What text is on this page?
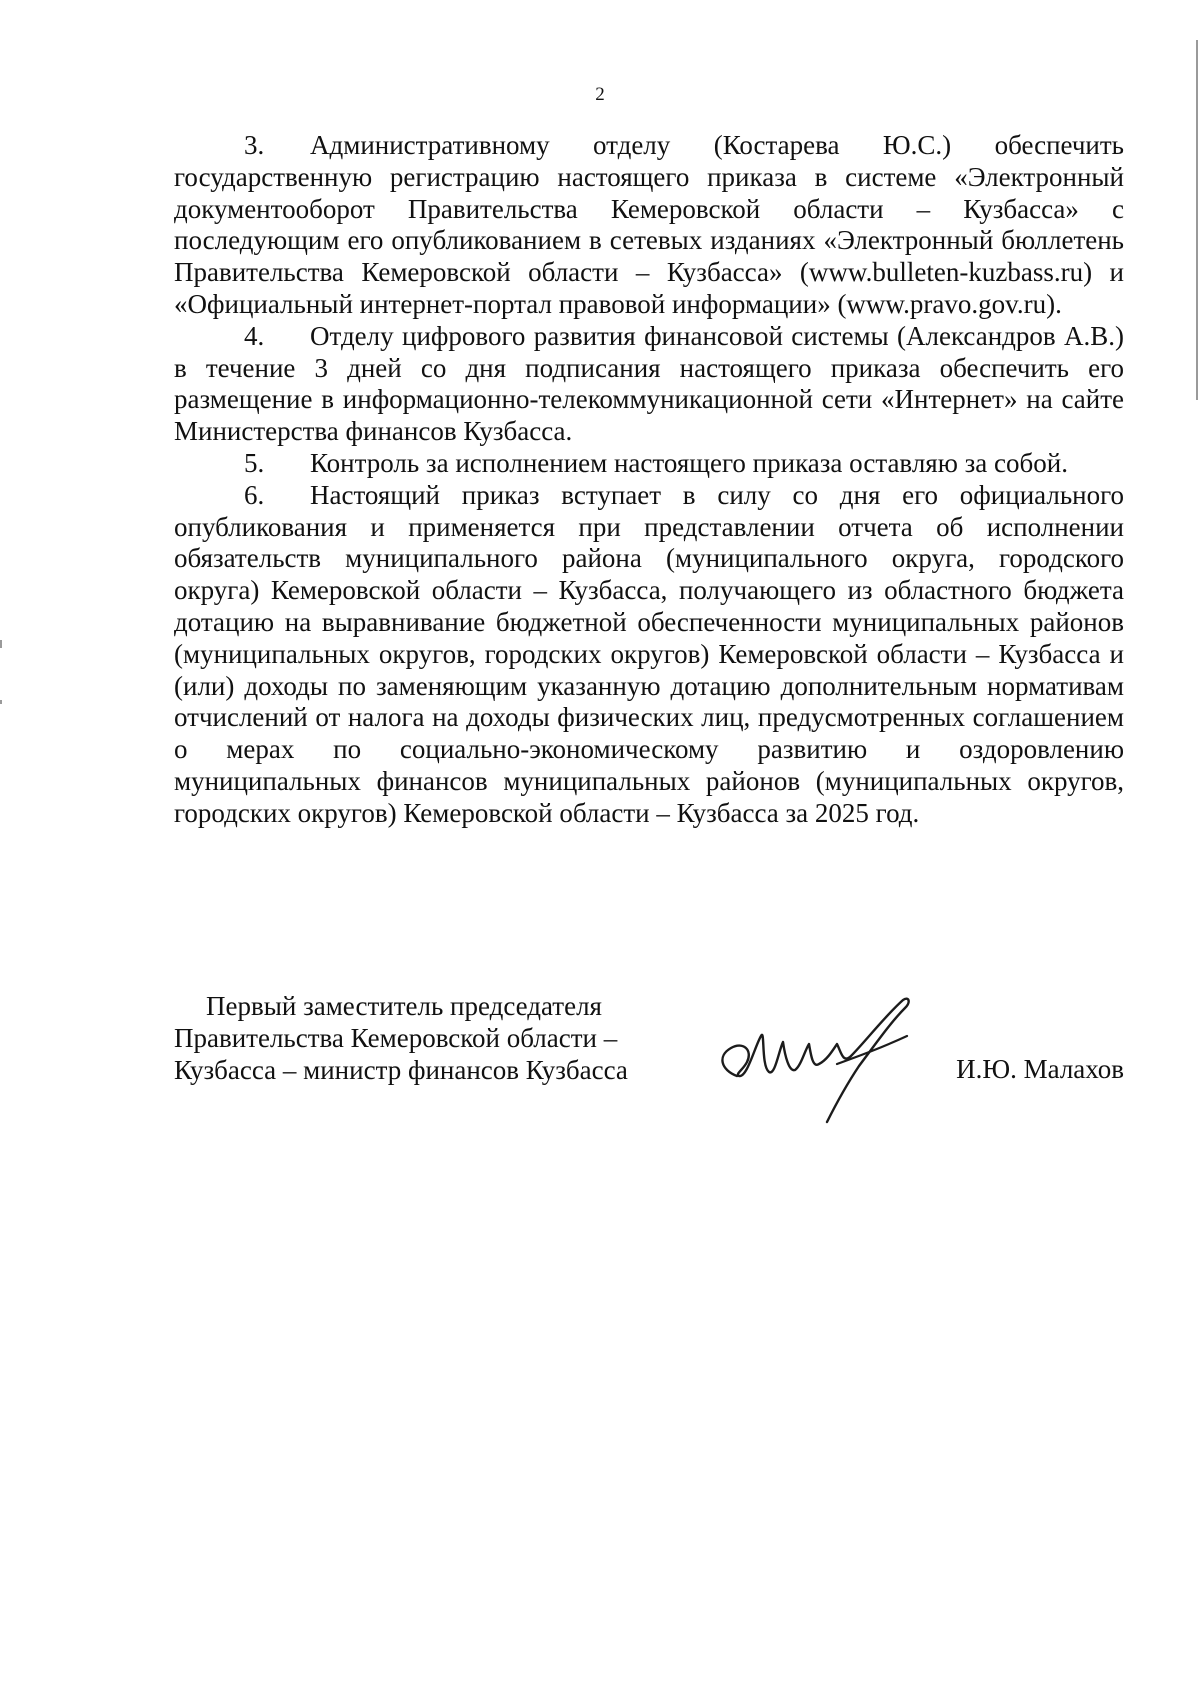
2

3. Административному отделу (Костарева Ю.С.) обеспечить государственную регистрацию настоящего приказа в системе «Электронный документооборот Правительства Кемеровской области – Кузбасса» с последующим его опубликованием в сетевых изданиях «Электронный бюллетень Правительства Кемеровской области – Кузбасса» (www.bulleten-kuzbass.ru) и «Официальный интернет-портал правовой информации» (www.pravo.gov.ru).

4. Отделу цифрового развития финансовой системы (Александров А.В.) в течение 3 дней со дня подписания настоящего приказа обеспечить его размещение в информационно-телекоммуникационной сети «Интернет» на сайте Министерства финансов Кузбасса.

5. Контроль за исполнением настоящего приказа оставляю за собой.

6. Настоящий приказ вступает в силу со дня его официального опубликования и применяется при представлении отчета об исполнении обязательств муниципального района (муниципального округа, городского округа) Кемеровской области – Кузбасса, получающего из областного бюджета дотацию на выравнивание бюджетной обеспеченности муниципальных районов (муниципальных округов, городских округов) Кемеровской области – Кузбасса и (или) доходы по заменяющим указанную дотацию дополнительным нормативам отчислений от налога на доходы физических лиц, предусмотренных соглашением о мерах по социально-экономическому развитию и оздоровлению муниципальных финансов муниципальных районов (муниципальных округов, городских округов) Кемеровской области – Кузбасса за 2025 год.

Первый заместитель председателя
Правительства Кемеровской области –
Кузбасса – министр финансов Кузбасса	И.Ю. Малахов
